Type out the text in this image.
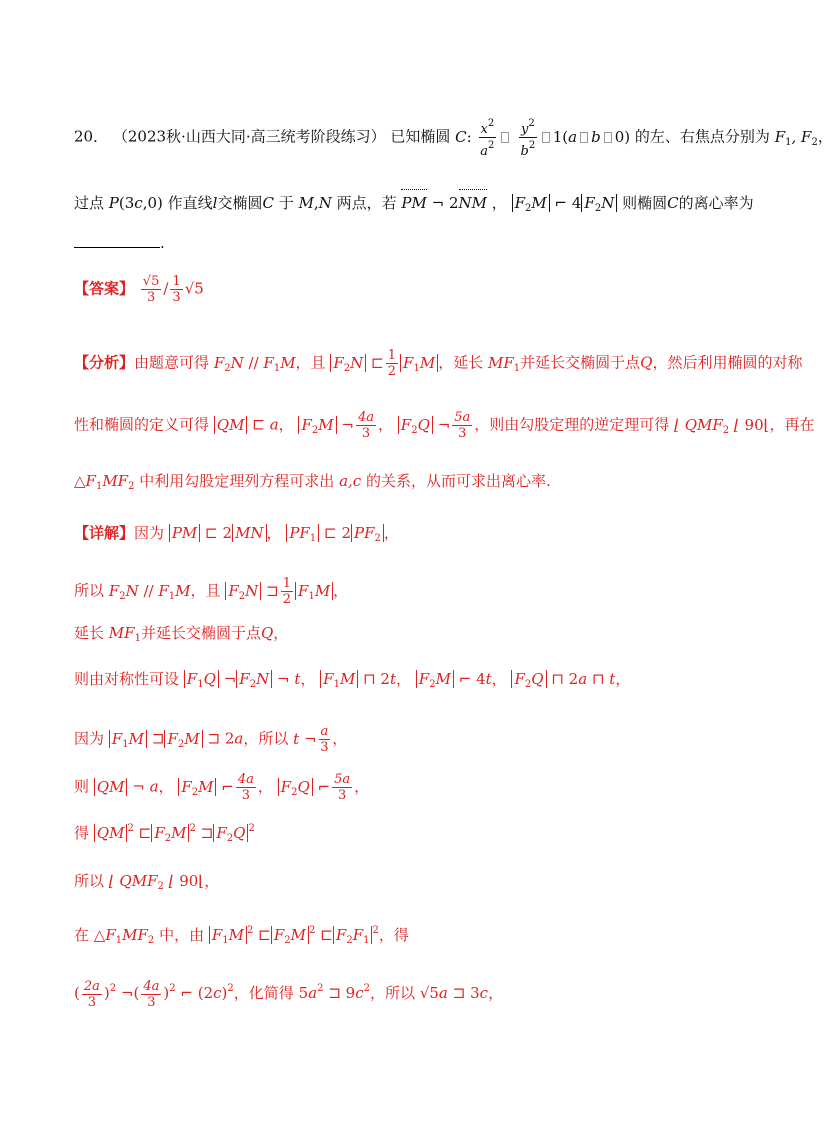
20． （2023秋·山西大同·高三统考阶段练习） 已知椭圆 C: $\frac{x^2}{a^2}$
$\frac{y^2}{b^2} 1(a$ b 0) 的左、右焦点分别为 $F_1$, $F_2$，
过点 P(3c,0) 作直线l交椭圆C 于 M,N 两点，若 PM ¬ 2NM ， $F_2M$ ⌐ 4 $F_2N$ 则椭圆C的离心率为
.
【答案】 $\frac{√5}{3} / \frac{1}{3} √5$
【分析】由题意可得 $F_2N // F_1M$，且 $F_2N$ ⊏ $\frac{1}{2} F_1M$ ，延长 $MF_1$并延长交椭圆于点Q，然后利用椭圆的对称
性和椭圆的定义可得 QM ⊏ a， $F_2M$ ¬ $\frac{4a}{3}$ ， $F_2Q$ ¬ $\frac{5a}{3}$ ，则由勾股定理的逆定理可得 ⌊ $QMF_2$ ⌊ 90⌊，再在
$\triangle F_1MF_2$ 中利用勾股定理列方程可求出 a,c 的关系，从而可求出离心率.
【详解】因为 PM ⊏ 2 MN ， $PF_1$ ⊏ 2 $PF_2$ ，
所以 $F_2N // F_1M$，且 $F_2N$ ⊐ $\frac{1}{2} F_1M$ ，
延长 $MF_1$并延长交椭圆于点Q，
则由对称性可设 $F_1Q$ ¬ $F_2N$ ¬ t， $F_1M$ ⊓ 2t， $F_2M$ ⌐ 4t， $F_2Q$ ⊓ 2a ⊓ t，
因为 $F_1M$ ⊐ $F_2M$ ⊐ 2a，所以 t ¬ $\frac{a}{3}$ ，
则 QM ¬ a， $F_2M$ ⌐ $\frac{4a}{3}$ ， $F_2Q$ ⌐ $\frac{5a}{3}$ ，
得 QM $^2$ ⊏ $F_2M$ $^2$ ⊐ $F_2Q$ $^2$
所以 ⌊ $QMF_2$ ⌊ 90⌊，
在 $\triangle F_1MF_2$ 中，由 $F_1M$ $^2$ ⊏ $F_2M$ $^2$ ⊏ $F_2F_1^2$，得
( $\frac{2a}{3} )^2$ ¬( $\frac{4a}{3} )^2$ ⌐ $(2c)^2$，化简得 $5a^2$ ⊐ $9c^2$，所以 √5a ⊐ 3c，
